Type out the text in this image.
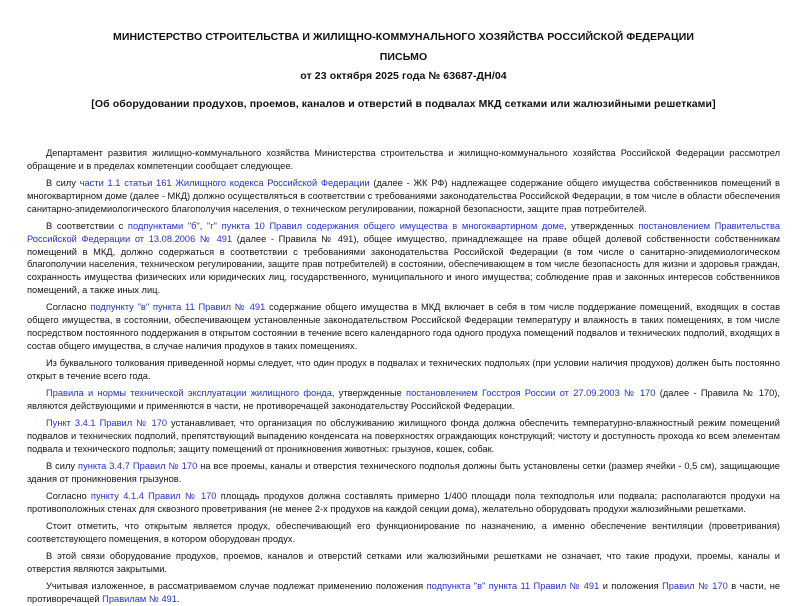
МИНИСТЕРСТВО СТРОИТЕЛЬСТВА И ЖИЛИЩНО-КОММУНАЛЬНОГО ХОЗЯЙСТВА РОССИЙСКОЙ ФЕДЕРАЦИИ
ПИСЬМО
от 23 октября 2025 года № 63687-ДН/04
[Об оборудовании продухов, проемов, каналов и отверстий в подвалах МКД сетками или жалюзийными решетками]

Департамент развития жилищно-коммунального хозяйства Министерства строительства и жилищно-коммунального хозяйства Российской Федерации рассмотрел обращение и в пределах компетенции сообщает следующее.

В силу части 1.1 статьи 161 Жилищного кодекса Российской Федерации (далее - ЖК РФ) надлежащее содержание общего имущества собственников помещений в многоквартирном доме (далее - МКД) должно осуществляться в соответствии с требованиями законодательства Российской Федерации, в том числе в области обеспечения санитарно-эпидемиологического благополучия населения, о техническом регулировании, пожарной безопасности, защите прав потребителей.

В соответствии с подпунктами "б", "г" пункта 10 Правил содержания общего имущества в многоквартирном доме, утвержденных постановлением Правительства Российской Федерации от 13.08.2006 № 491 (далее - Правила № 491), общее имущество, принадлежащее на праве общей долевой собственности собственникам помещений в МКД, должно содержаться в соответствии с требованиями законодательства Российской Федерации (в том числе о санитарно-эпидемиологическом благополучии населения, техническом регулировании, защите прав потребителей) в состоянии, обеспечивающем в том числе безопасность для жизни и здоровья граждан, сохранность имущества физических или юридических лиц, государственного, муниципального и иного имущества; соблюдение прав и законных интересов собственников помещений, а также иных лиц.

Согласно подпункту "в" пункта 11 Правил № 491 содержание общего имущества в МКД включает в себя в том числе поддержание помещений, входящих в состав общего имущества, в состоянии, обеспечивающем установленные законодательством Российской Федерации температуру и влажность в таких помещениях, в том числе посредством постоянного поддержания в открытом состоянии в течение всего календарного года одного продуха помещений подвалов и технических подполий, входящих в состав общего имущества, в случае наличия продухов в таких помещениях.

Из буквального толкования приведенной нормы следует, что один продух в подвалах и технических подпольях (при условии наличия продухов) должен быть постоянно открыт в течение всего года.

Правила и нормы технической эксплуатации жилищного фонда, утвержденные постановлением Госстроя России от 27.09.2003 № 170 (далее - Правила № 170), являются действующими и применяются в части, не противоречащей законодательству Российской Федерации.

Пункт 3.4.1 Правил № 170 устанавливает, что организация по обслуживанию жилищного фонда должна обеспечить температурно-влажностный режим помещений подвалов и технических подполий, препятствующий выпадению конденсата на поверхностях ограждающих конструкций; чистоту и доступность прохода ко всем элементам подвала и технического подполья; защиту помещений от проникновения животных: грызунов, кошек, собак.

В силу пункта 3.4.7 Правил № 170 на все проемы, каналы и отверстия технического подполья должны быть установлены сетки (размер ячейки - 0,5 см), защищающие здания от проникновения грызунов.

Согласно пункту 4.1.4 Правил № 170 площадь продухов должна составлять примерно 1/400 площади пола техподполья или подвала; располагаются продухи на противоположных стенах для сквозного проветривания (не менее 2-х продухов на каждой секции дома), желательно оборудовать продухи жалюзийными решетками.

Стоит отметить, что открытым является продух, обеспечивающий его функционирование по назначению, а именно обеспечение вентиляции (проветривания) соответствующего помещения, в котором оборудован продух.

В этой связи оборудование продухов, проемов, каналов и отверстий сетками или жалюзийными решетками не означает, что такие продухи, проемы, каналы и отверстия являются закрытыми.

Учитывая изложенное, в рассматриваемом случае подлежат применению положения подпункта "в" пункта 11 Правил № 491 и положения Правил № 170 в части, не противоречащей Правилам № 491.
